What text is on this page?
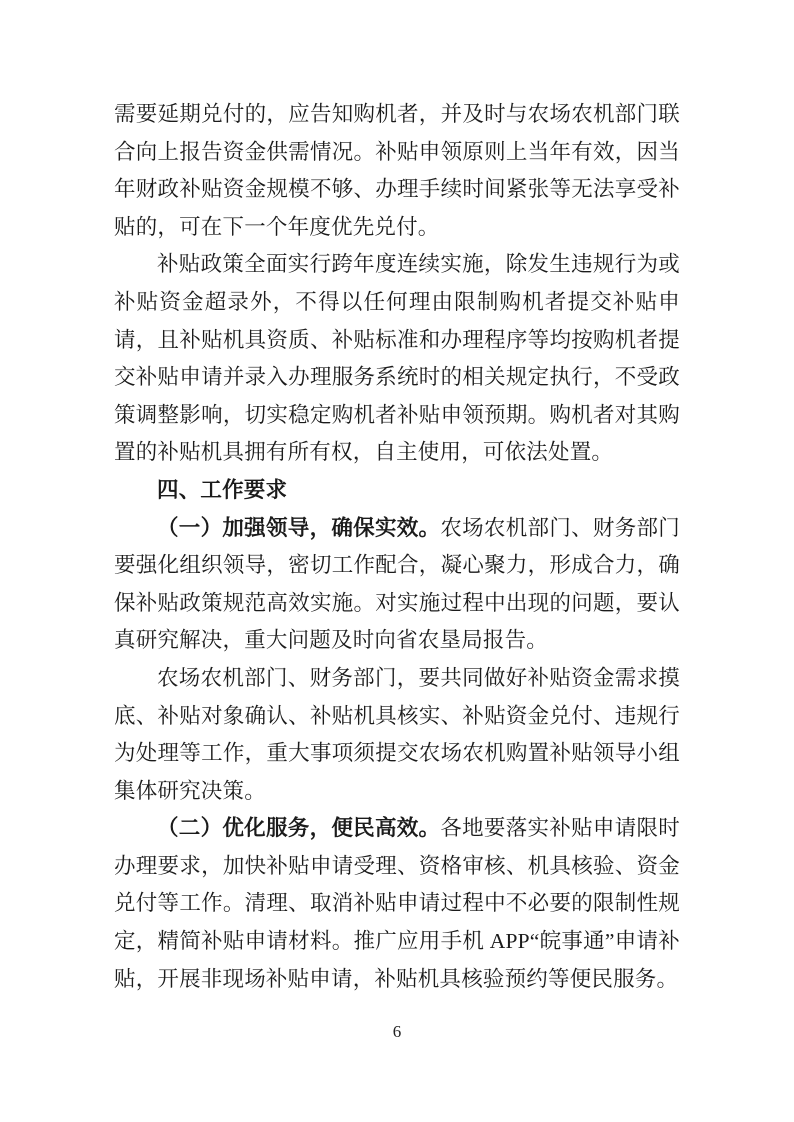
需要延期兑付的，应告知购机者，并及时与农场农机部门联合向上报告资金供需情况。补贴申领原则上当年有效，因当年财政补贴资金规模不够、办理手续时间紧张等无法享受补贴的，可在下一个年度优先兑付。

补贴政策全面实行跨年度连续实施，除发生违规行为或补贴资金超录外，不得以任何理由限制购机者提交补贴申请，且补贴机具资质、补贴标准和办理程序等均按购机者提交补贴申请并录入办理服务系统时的相关规定执行，不受政策调整影响，切实稳定购机者补贴申领预期。购机者对其购置的补贴机具拥有所有权，自主使用，可依法处置。

四、工作要求

（一）加强领导，确保实效。农场农机部门、财务部门要强化组织领导，密切工作配合，凝心聚力，形成合力，确保补贴政策规范高效实施。对实施过程中出现的问题，要认真研究解决，重大问题及时向省农垦局报告。

农场农机部门、财务部门，要共同做好补贴资金需求摸底、补贴对象确认、补贴机具核实、补贴资金兑付、违规行为处理等工作，重大事项须提交农场农机购置补贴领导小组集体研究决策。

（二）优化服务，便民高效。各地要落实补贴申请限时办理要求，加快补贴申请受理、资格审核、机具核验、资金兑付等工作。清理、取消补贴申请过程中不必要的限制性规定，精简补贴申请材料。推广应用手机 APP“皖事通”申请补贴，开展非现场补贴申请，补贴机具核验预约等便民服务。

6
